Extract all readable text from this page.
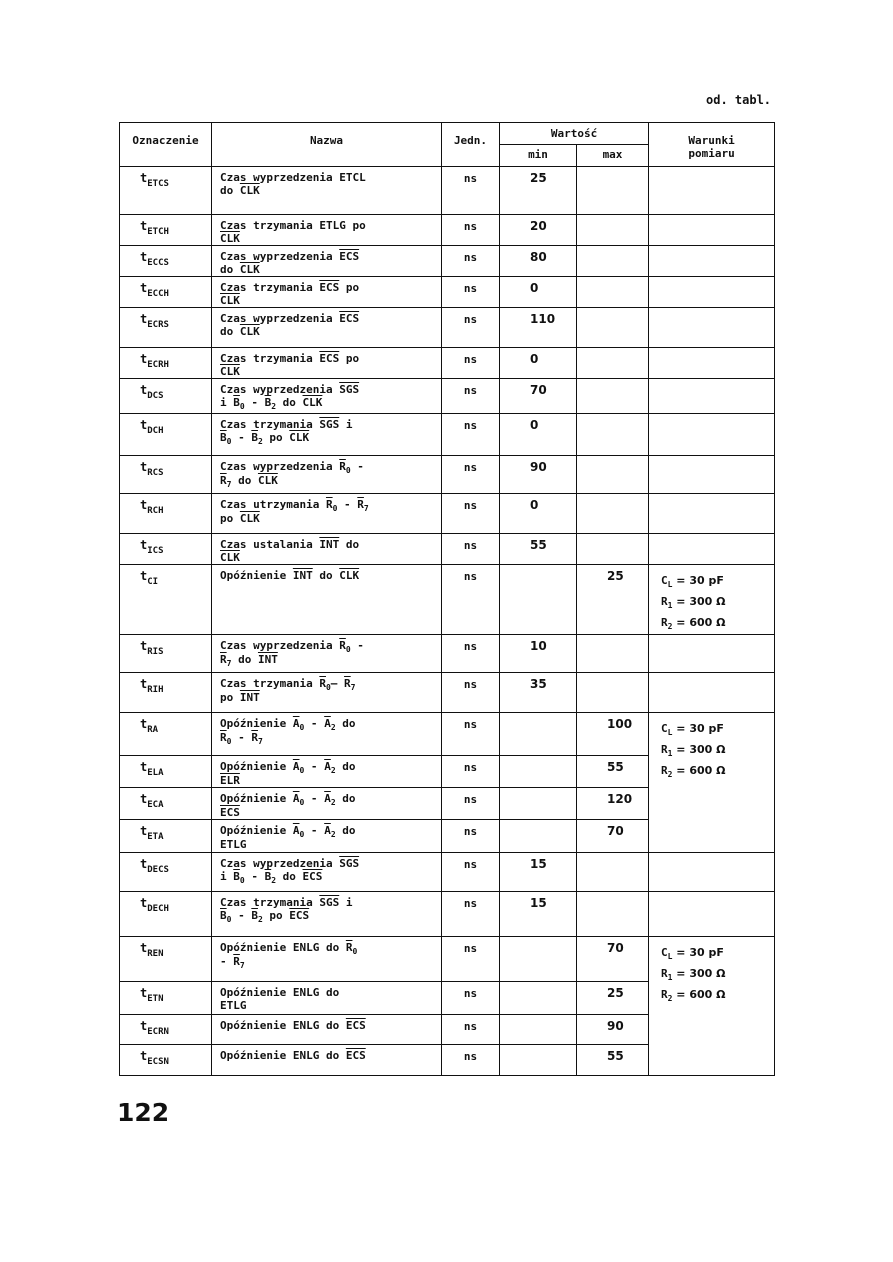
od. tabl.
Oznaczenie	Nazwa	Jedn.	Wartość		Warunki pomiaru
			min	max	
$t_{ETCS}$	Czas wyprzedzenia ETCL do $\overline{CLK}$	ns	25		
$t_{ETCH}$	Czas trzymania ETLG po $\overline{CLK}$	ns	20		
$t_{ECCS}$	Czas wyprzedzenia $\overline{ECS}$ do $\overline{CLK}$	ns	80		
$t_{ECCH}$	Czas trzymania $\overline{ECS}$ po $\overline{CLK}$	ns	0		
$t_{ECRS}$	Czas wyprzedzenia $\overline{ECS}$ do $\overline{CLK}$	ns	110		
$t_{ECRH}$	Czas trzymania $\overline{ECS}$ po $\overline{CLK}$	ns	0		
$t_{DCS}$	Czas wyprzedzenia $\overline{SGS}$ i $\overline{B}_0 - \overline{B}_2$ do $\overline{CLK}$	ns	70		
$t_{DCH}$	Czas trzymania $\overline{SGS}$ i $\overline{B}_0 - \overline{B}_2$ po $\overline{CLK}$	ns	0		
$t_{RCS}$	Czas wyprzedzenia $\overline{R}_0 - \overline{R}_7$ do $\overline{CLK}$	ns	90		
$t_{RCH}$	Czas utrzymania $\overline{R}_0 - \overline{R}_7$ po $\overline{CLK}$	ns	0		
$t_{ICS}$	Czas ustalania $\overline{INT}$ do $\overline{CLK}$	ns	55		
$t_{CI}$	Opóźnienie $\overline{INT}$ do $\overline{CLK}$	ns		25	$C_L = 30$ pF
$R_1 = 300$ Ω
$R_2 = 600$ Ω

$t_{RIS}$	Czas wyprzedzenia $\overline{R}_0 - \overline{R}_7$ do $\overline{INT}$	ns	10		
$t_{RIH}$	Czas trzymania $\overline{R}_0—$ $\overline{R}_7$ po $\overline{INT}$	ns	35		
$t_{RA}$	Opóźnienie $\overline{A}_0 - \overline{A}_2$ do $\overline{R}_0 - \overline{R}_7$	ns		100	$C_L = 30$ pF
$R_1 = 300$ Ω
$R_2 = 600$ Ω

$t_{ELA}$	Opóźnienie $\overline{A}_0 - \overline{A}_2$ do $\overline{ELR}$	ns		55	
$t_{ECA}$	Opóźnienie $\overline{A}_0 - \overline{A}_2$ do $\overline{ECS}$	ns		120	
$t_{ETA}$	Opóźnienie $\overline{A}_0 - \overline{A}_2$ do ETLG	ns		70	
$t_{DECS}$	Czas wyprzedzenia $\overline{SGS}$ i $\overline{B}_0 - \overline{B}_2$ do $\overline{ECS}$	ns	15		
$t_{DECH}$	Czas trzymania $\overline{SGS}$ i $\overline{B}_0 - \overline{B}_2$ po $\overline{ECS}$	ns	15		
$t_{REN}$	Opóźnienie ENLG do $\overline{R}_0 - \overline{R}_7$	ns		70	$C_L = 30$ pF
$R_1 = 300$ Ω
$R_2 = 600$ Ω

$t_{ETN}$	Opóźnienie ENLG do ETLG	ns		25	
$t_{ECRN}$	Opóźnienie ENLG do $\overline{ECS}$	ns		90	
$t_{ECSN}$	Opóźnienie ENLG do $\overline{ECS}$	ns		55	
122
